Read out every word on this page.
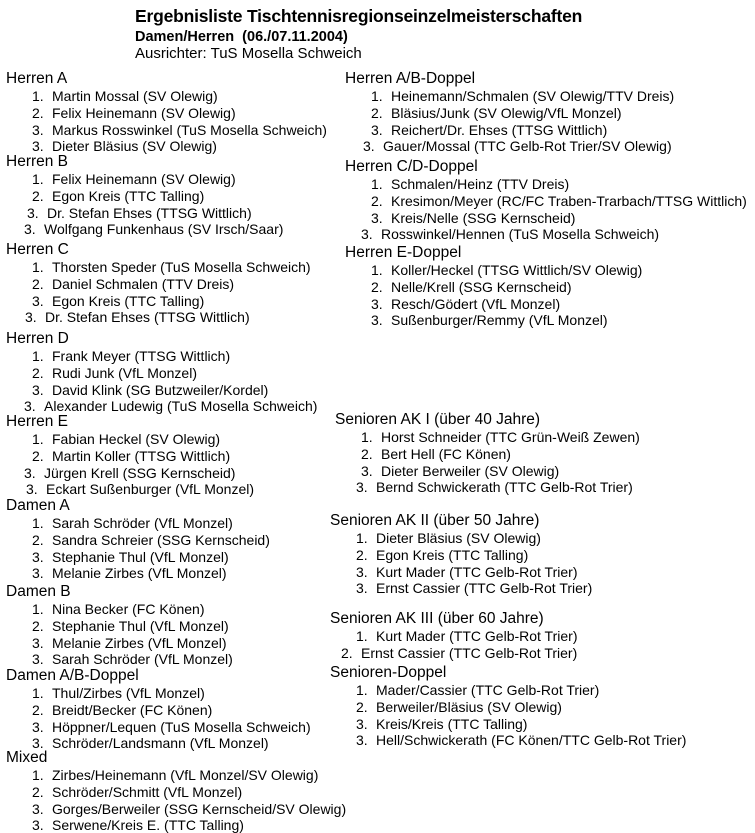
Ergebnisliste Tischtennisregionseinzelmeisterschaften
Damen/Herren  (06./07.11.2004)
Ausrichter: TuS Mosella Schweich
Herren A
1. Martin Mossal (SV Olewig)
2. Felix Heinemann (SV Olewig)
3. Markus Rosswinkel (TuS Mosella Schweich)
3. Dieter Bläsius (SV Olewig)
Herren B
1. Felix Heinemann (SV Olewig)
2. Egon Kreis (TTC Talling)
3. Dr. Stefan Ehses (TTSG Wittlich)
3. Wolfgang Funkenhaus (SV Irsch/Saar)
Herren C
1. Thorsten Speder (TuS Mosella Schweich)
2. Daniel Schmalen (TTV Dreis)
3. Egon Kreis (TTC Talling)
3. Dr. Stefan Ehses (TTSG Wittlich)
Herren D
1. Frank Meyer (TTSG Wittlich)
2. Rudi Junk (VfL Monzel)
3. David Klink (SG Butzweiler/Kordel)
3. Alexander Ludewig (TuS Mosella Schweich)
Herren E
1. Fabian Heckel (SV Olewig)
2. Martin Koller (TTSG Wittlich)
3. Jürgen Krell (SSG Kernscheid)
3. Eckart Sußenburger (VfL Monzel)
Damen A
1. Sarah Schröder (VfL Monzel)
2. Sandra Schreier (SSG Kernscheid)
3. Stephanie Thul (VfL Monzel)
3. Melanie Zirbes (VfL Monzel)
Damen B
1. Nina Becker (FC Könen)
2. Stephanie Thul (VfL Monzel)
3. Melanie Zirbes (VfL Monzel)
3. Sarah Schröder (VfL Monzel)
Damen A/B-Doppel
1. Thul/Zirbes (VfL Monzel)
2. Breidt/Becker (FC Könen)
3. Höppner/Lequen (TuS Mosella Schweich)
3. Schröder/Landsmann (VfL Monzel)
Mixed
1. Zirbes/Heinemann (VfL Monzel/SV Olewig)
2. Schröder/Schmitt (VfL Monzel)
3. Gorges/Berweiler (SSG Kernscheid/SV Olewig)
3. Serwene/Kreis E. (TTC Talling)
Herren A/B-Doppel
1. Heinemann/Schmalen (SV Olewig/TTV Dreis)
2. Bläsius/Junk (SV Olewig/VfL Monzel)
3. Reichert/Dr. Ehses (TTSG Wittlich)
3. Gauer/Mossal (TTC Gelb-Rot Trier/SV Olewig)
Herren C/D-Doppel
1. Schmalen/Heinz (TTV Dreis)
2. Kresimon/Meyer (RC/FC Traben-Trarbach/TTSG Wittlich)
3. Kreis/Nelle (SSG Kernscheid)
3. Rosswinkel/Hennen (TuS Mosella Schweich)
Herren E-Doppel
1. Koller/Heckel (TTSG Wittlich/SV Olewig)
2. Nelle/Krell (SSG Kernscheid)
3. Resch/Gödert (VfL Monzel)
3. Sußenburger/Remmy (VfL Monzel)
Senioren AK I (über 40 Jahre)
1. Horst Schneider (TTC Grün-Weiß Zewen)
2. Bert Hell (FC Könen)
3. Dieter Berweiler (SV Olewig)
3. Bernd Schwickerath (TTC Gelb-Rot Trier)
Senioren AK II (über 50 Jahre)
1. Dieter Bläsius (SV Olewig)
2. Egon Kreis (TTC Talling)
3. Kurt Mader (TTC Gelb-Rot Trier)
3. Ernst Cassier (TTC Gelb-Rot Trier)
Senioren AK III (über 60 Jahre)
1. Kurt Mader (TTC Gelb-Rot Trier)
2. Ernst Cassier (TTC Gelb-Rot Trier)
Senioren-Doppel
1. Mader/Cassier (TTC Gelb-Rot Trier)
2. Berweiler/Bläsius (SV Olewig)
3. Kreis/Kreis (TTC Talling)
3. Hell/Schwickerath (FC Könen/TTC Gelb-Rot Trier)
